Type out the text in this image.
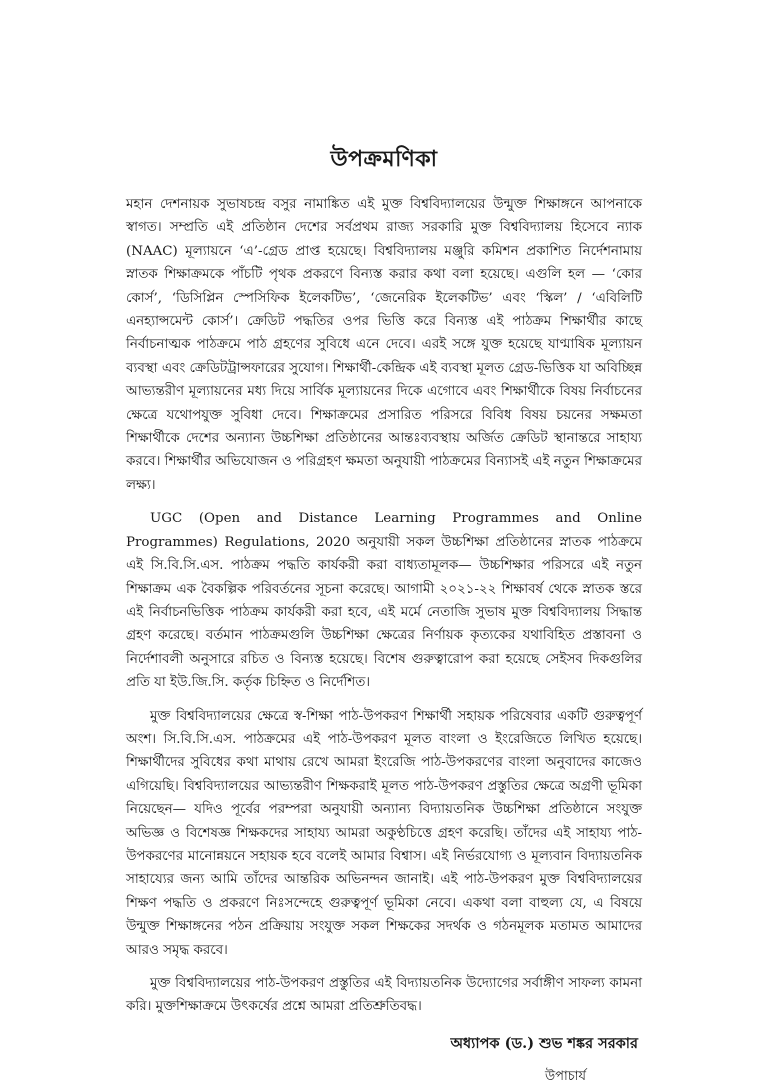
উপক্রমণিকা

মহান দেশনায়ক সুভাষচন্দ্র বসুর নামাঙ্কিত এই মুক্ত বিশ্ববিদ্যালয়ের উন্মুক্ত শিক্ষাঙ্গনে আপনাকে স্বাগত। সম্প্রতি এই প্রতিষ্ঠান দেশের সর্বপ্রথম রাজ্য সরকারি মুক্ত বিশ্ববিদ্যালয় হিসেবে ন্যাক (NAAC) মূল্যায়নে ‘এ’-গ্রেড প্রাপ্ত হয়েছে। বিশ্ববিদ্যালয় মঞ্জুরি কমিশন প্রকাশিত নির্দেশনামায় স্নাতক শিক্ষাক্রমকে পাঁচটি পৃথক প্রকরণে বিন্যস্ত করার কথা বলা হয়েছে। এগুলি হল — ‘কোর কোর্স’, ‘ডিসিপ্লিন স্পেসিফিক ইলেকটিভ’, ‘জেনেরিক ইলেকটিভ’ এবং ‘স্কিল’ / ‘এবিলিটি এনহ্যান্সমেন্ট কোর্স’। ক্রেডিট পদ্ধতির ওপর ভিত্তি করে বিন্যস্ত এই পাঠক্রম শিক্ষার্থীর কাছে নির্বাচনাত্মক পাঠক্রমে পাঠ গ্রহণের সুবিধে এনে দেবে। এরই সঙ্গে যুক্ত হয়েছে যাণ্মাষিক মূল্যায়ন ব্যবস্থা এবং ক্রেডিটট্রান্সফারের সুযোগ। শিক্ষার্থী-কেন্দ্রিক এই ব্যবস্থা মূলত গ্রেড-ভিত্তিক যা অবিচ্ছিন্ন আভ্যন্তরীণ মূল্যায়নের মধ্য দিয়ে সার্বিক মূল্যায়নের দিকে এগোবে এবং শিক্ষার্থীকে বিষয় নির্বাচনের ক্ষেত্রে যথোপযুক্ত সুবিধা দেবে। শিক্ষাক্রমের প্রসারিত পরিসরে বিবিধ বিষয় চয়নের সক্ষমতা শিক্ষার্থীকে দেশের অন্যান্য উচ্চশিক্ষা প্রতিষ্ঠানের আন্তঃব্যবস্থায় অর্জিত ক্রেডিট স্থানান্তরে সাহায্য করবে। শিক্ষার্থীর অভিযোজন ও পরিগ্রহণ ক্ষমতা অনুযায়ী পাঠক্রমের বিন্যাসই এই নতুন শিক্ষাক্রমের লক্ষ্য।

UGC (Open and Distance Learning Programmes and Online Programmes) Regulations, 2020 অনুযায়ী সকল উচ্চশিক্ষা প্রতিষ্ঠানের স্নাতক পাঠক্রমে এই সি.বি.সি.এস. পাঠক্রম পদ্ধতি কার্যকরী করা বাধ্যতামূলক— উচ্চশিক্ষার পরিসরে এই নতুন শিক্ষাক্রম এক বৈকল্পিক পরিবর্তনের সূচনা করেছে। আগামী ২০২১-২২ শিক্ষাবর্ষ থেকে স্নাতক স্তরে এই নির্বাচনভিত্তিক পাঠক্রম কার্যকরী করা হবে, এই মর্মে নেতাজি সুভাষ মুক্ত বিশ্ববিদ্যালয় সিদ্ধান্ত গ্রহণ করেছে। বর্তমান পাঠক্রমগুলি উচ্চশিক্ষা ক্ষেত্রের নির্ণায়ক কৃত্যকের যথাবিহিত প্রস্তাবনা ও নির্দেশাবলী অনুসারে রচিত ও বিন্যস্ত হয়েছে। বিশেষ গুরুত্বারোপ করা হয়েছে সেইসব দিকগুলির প্রতি যা ইউ.জি.সি. কর্তৃক চিহ্নিত ও নির্দেশিত।

মুক্ত বিশ্ববিদ্যালয়ের ক্ষেত্রে স্ব-শিক্ষা পাঠ-উপকরণ শিক্ষার্থী সহায়ক পরিষেবার একটি গুরুত্বপূর্ণ অংশ। সি.বি.সি.এস. পাঠক্রমের এই পাঠ-উপকরণ মূলত বাংলা ও ইংরেজিতে লিখিত হয়েছে। শিক্ষার্থীদের সুবিধের কথা মাথায় রেখে আমরা ইংরেজি পাঠ-উপকরণের বাংলা অনুবাদের কাজেও এগিয়েছি। বিশ্ববিদ্যালয়ের আভ্যন্তরীণ শিক্ষকরাই মূলত পাঠ-উপকরণ প্রস্তুতির ক্ষেত্রে অগ্রণী ভূমিকা নিয়েছেন— যদিও পূর্বের পরম্পরা অনুযায়ী অন্যান্য বিদ্যায়তনিক উচ্চশিক্ষা প্রতিষ্ঠানে সংযুক্ত অভিজ্ঞ ও বিশেষজ্ঞ শিক্ষকদের সাহায্য আমরা অকুণ্ঠচিত্তে গ্রহণ করেছি। তাঁদের এই সাহায্য পাঠ-উপকরণের মানোন্নয়নে সহায়ক হবে বলেই আমার বিশ্বাস। এই নির্ভরযোগ্য ও মূল্যবান বিদ্যায়তনিক সাহায্যের জন্য আমি তাঁদের আন্তরিক অভিনন্দন জানাই। এই পাঠ-উপকরণ মুক্ত বিশ্ববিদ্যালয়ের শিক্ষণ পদ্ধতি ও প্রকরণে নিঃসন্দেহে গুরুত্বপূর্ণ ভূমিকা নেবে। একথা বলা বাহুল্য যে, এ বিষয়ে উন্মুক্ত শিক্ষাঙ্গনের পঠন প্রক্রিয়ায় সংযুক্ত সকল শিক্ষকের সদর্থক ও গঠনমূলক মতামত আমাদের আরও সমৃদ্ধ করবে।

মুক্ত বিশ্ববিদ্যালয়ের পাঠ-উপকরণ প্রস্তুতির এই বিদ্যায়তনিক উদ্যোগের সর্বাঙ্গীণ সাফল্য কামনা করি। মুক্তশিক্ষাক্রমে উৎকর্ষের প্রশ্নে আমরা প্রতিশ্রুতিবদ্ধ।

অধ্যাপক (ড.) শুভ শঙ্কর সরকার
উপাচার্য
